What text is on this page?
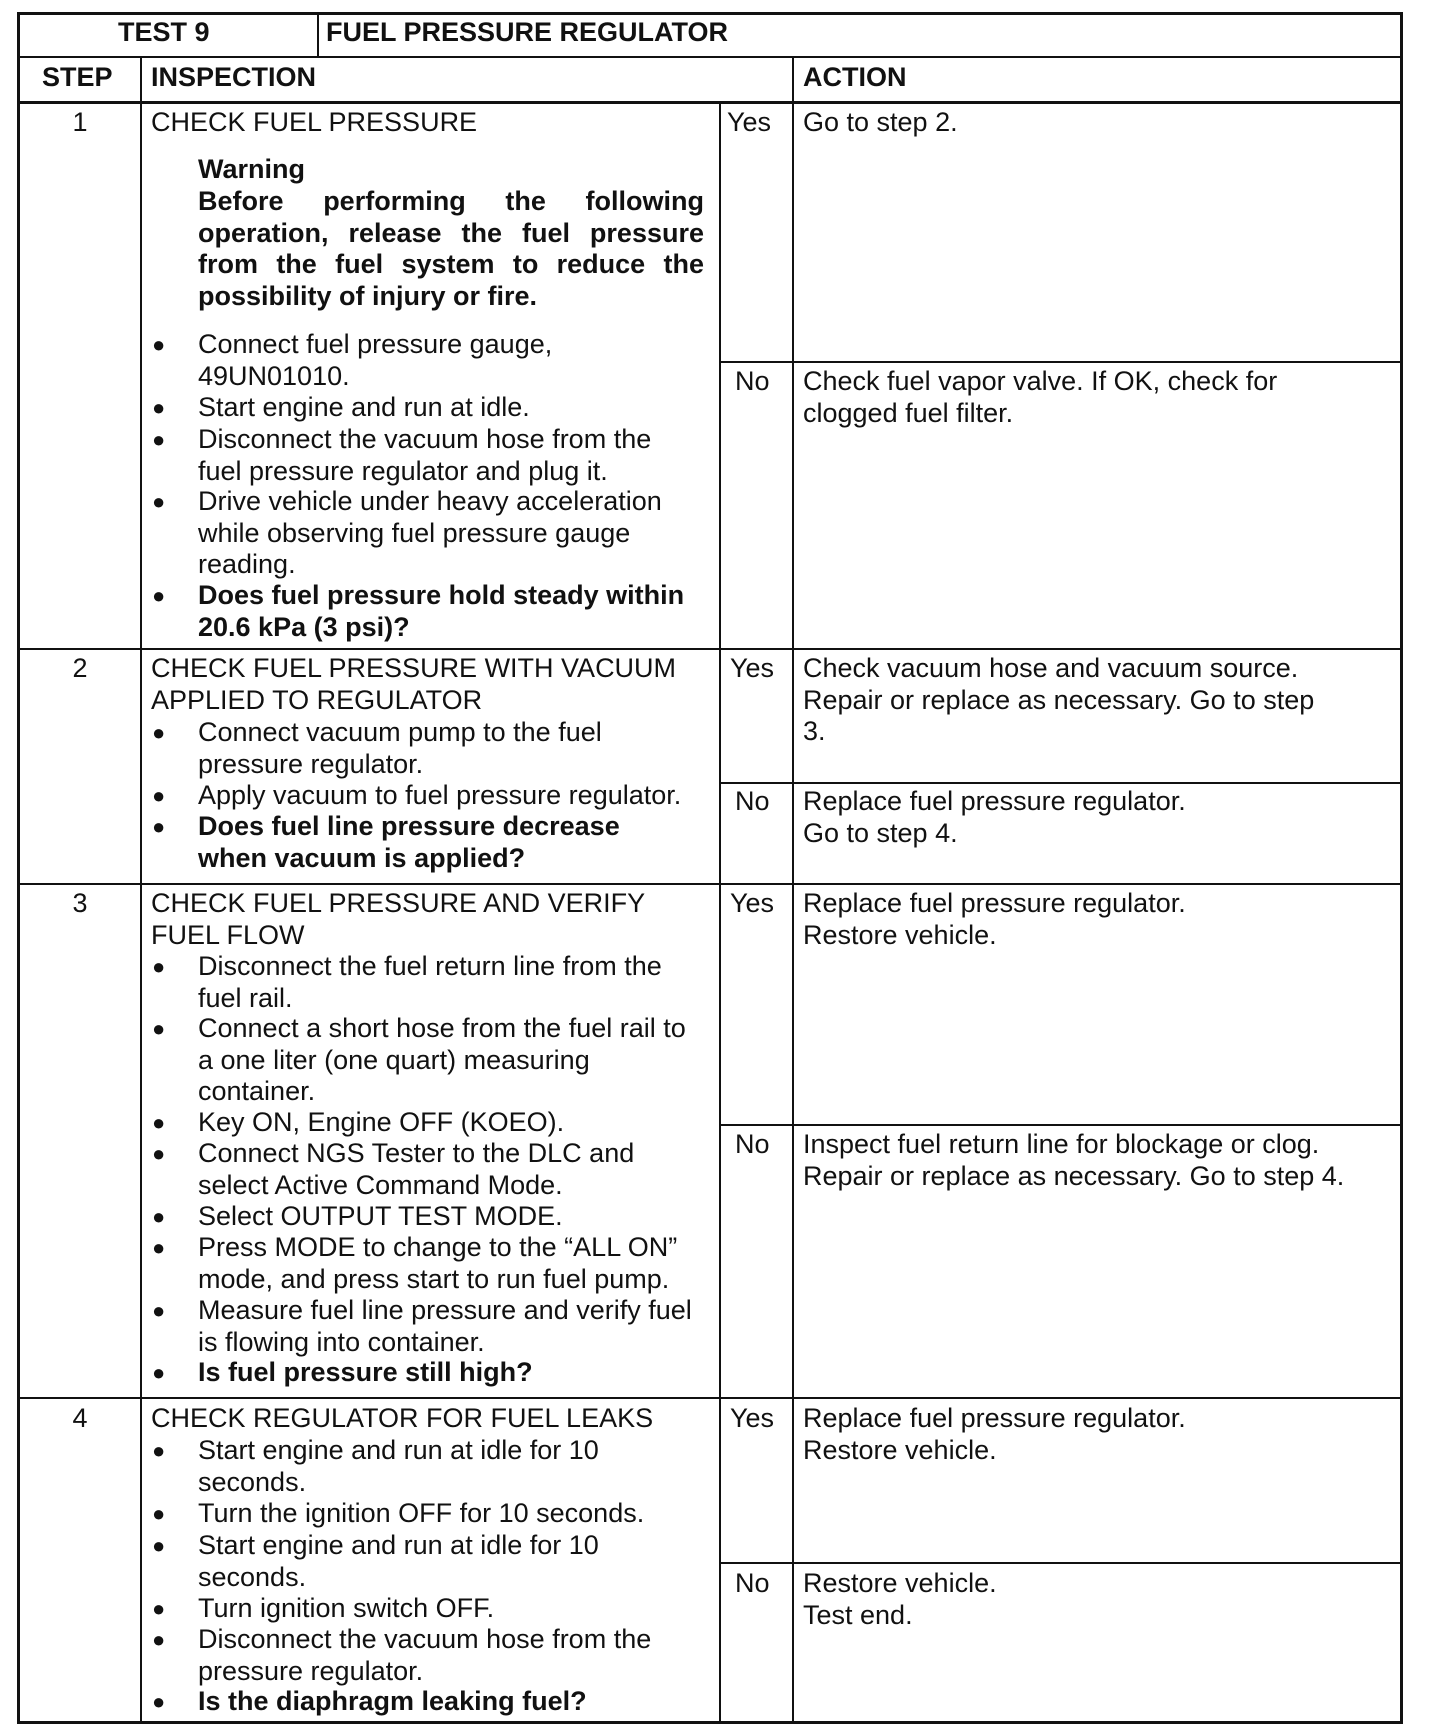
TEST 9	FUEL PRESSURE REGULATOR
STEP INSPECTION	ACTION
1	CHECK FUEL PRESSURE
Warning
Before performing the following operation, release the fuel pressure from the fuel system to reduce the possibility of injury or fire.
● Connect fuel pressure gauge, 49UN01010.
● Start engine and run at idle.
● Disconnect the vacuum hose from the fuel pressure regulator and plug it.
● Drive vehicle under heavy acceleration while observing fuel pressure gauge reading.
● Does fuel pressure hold steady within 20.6 kPa (3 psi)?
Yes Go to step 2.
No Check fuel vapor valve. If OK, check for clogged fuel filter.
2	CHECK FUEL PRESSURE WITH VACUUM APPLIED TO REGULATOR
● Connect vacuum pump to the fuel pressure regulator.
● Apply vacuum to fuel pressure regulator.
● Does fuel line pressure decrease when vacuum is applied?
Yes Check vacuum hose and vacuum source. Repair or replace as necessary. Go to step 3.
No Replace fuel pressure regulator. Go to step 4.
3	CHECK FUEL PRESSURE AND VERIFY FUEL FLOW
● Disconnect the fuel return line from the fuel rail.
● Connect a short hose from the fuel rail to a one liter (one quart) measuring container.
● Key ON, Engine OFF (KOEO).
● Connect NGS Tester to the DLC and select Active Command Mode.
● Select OUTPUT TEST MODE.
● Press MODE to change to the “ALL ON” mode, and press start to run fuel pump.
● Measure fuel line pressure and verify fuel is flowing into container.
● Is fuel pressure still high?
Yes Replace fuel pressure regulator. Restore vehicle.
No Inspect fuel return line for blockage or clog. Repair or replace as necessary. Go to step 4.
4	CHECK REGULATOR FOR FUEL LEAKS
● Start engine and run at idle for 10 seconds.
● Turn the ignition OFF for 10 seconds.
● Start engine and run at idle for 10 seconds.
● Turn ignition switch OFF.
● Disconnect the vacuum hose from the pressure regulator.
● Is the diaphragm leaking fuel?
Yes Replace fuel pressure regulator. Restore vehicle.
No Restore vehicle. Test end.
